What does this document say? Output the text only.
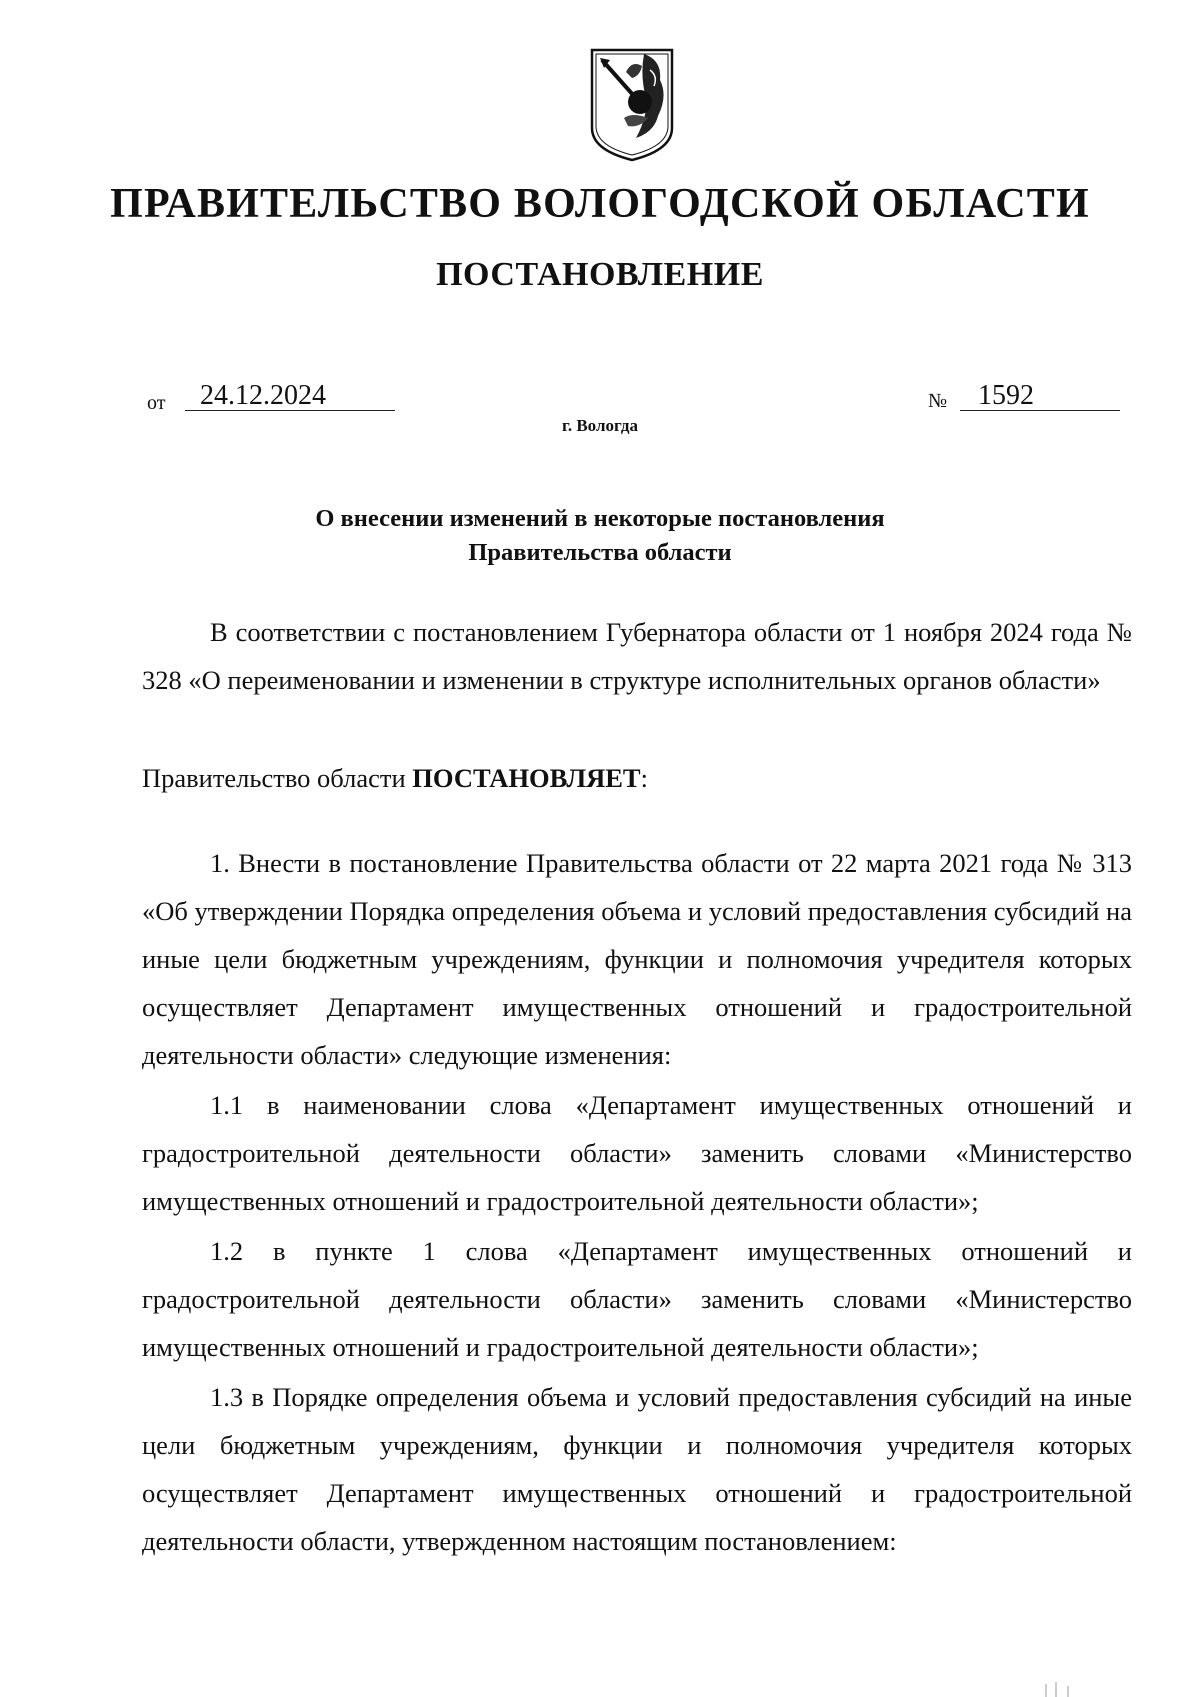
ПРАВИТЕЛЬСТВО ВОЛОГОДСКОЙ ОБЛАСТИ
ПОСТАНОВЛЕНИЕ
от 24.12.2024	№ 1592
г. Вологда
О внесении изменений в некоторые постановления
Правительства области

В соответствии с постановлением Губернатора области от 1 ноября 2024 года № 328 «О переименовании и изменении в структуре исполнительных органов области»

Правительство области ПОСТАНОВЛЯЕТ:

1. Внести в постановление Правительства области от 22 марта 2021 года № 313 «Об утверждении Порядка определения объема и условий предоставления субсидий на иные цели бюджетным учреждениям, функции и полномочия учредителя которых осуществляет Департамент имущественных отношений и градостроительной деятельности области» следующие изменения:

1.1 в наименовании слова «Департамент имущественных отношений и градостроительной деятельности области» заменить словами «Министерство имущественных отношений и градостроительной деятельности области»;

1.2 в пункте 1 слова «Департамент имущественных отношений и градостроительной деятельности области» заменить словами «Министерство имущественных отношений и градостроительной деятельности области»;

1.3 в Порядке определения объема и условий предоставления субсидий на иные цели бюджетным учреждениям, функции и полномочия учредителя которых осуществляет Департамент имущественных отношений и градостроительной деятельности области, утвержденном настоящим постановлением:
